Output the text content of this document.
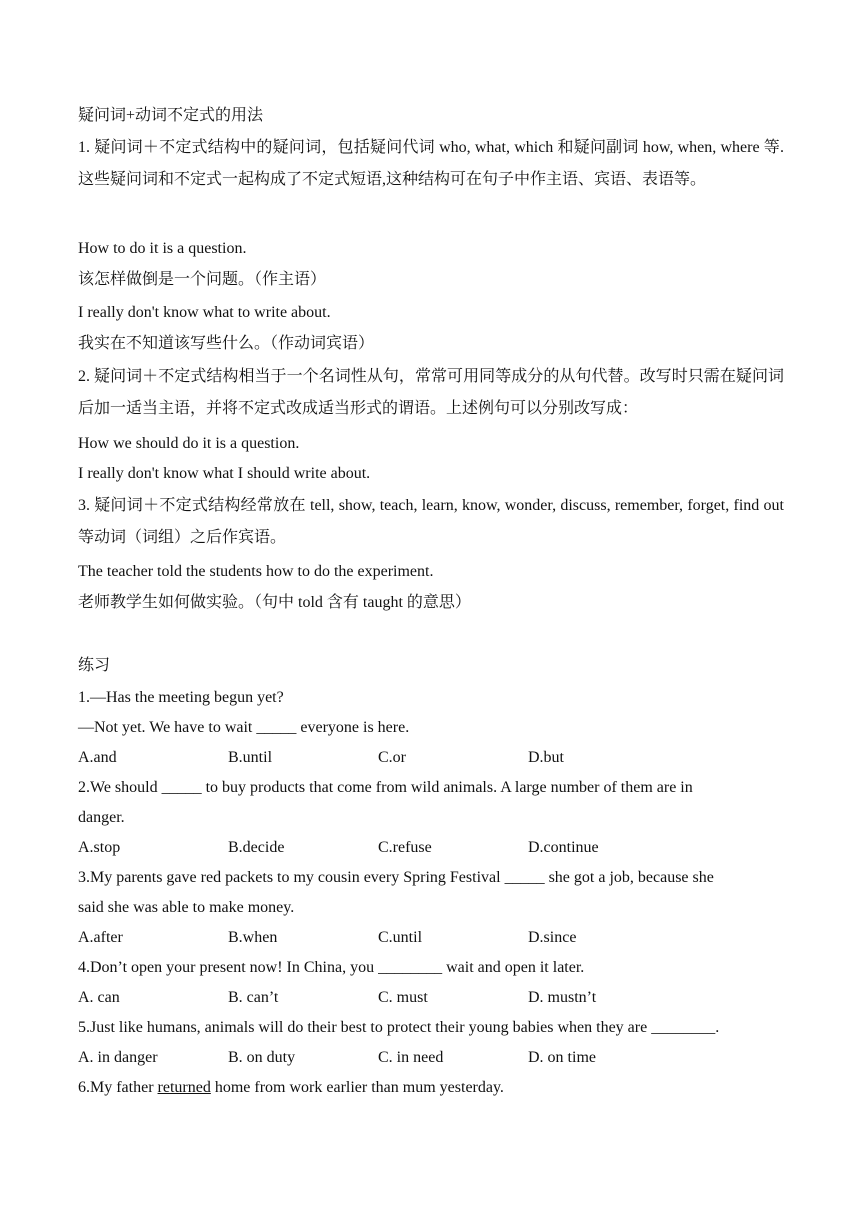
疑问词+动词不定式的用法
1. 疑问词＋不定式结构中的疑问词，包括疑问代词 who, what, which 和疑问副词 how, when, where 等.这些疑问词和不定式一起构成了不定式短语,这种结构可在句子中作主语、宾语、表语等。
How to do it is a question.
该怎样做倒是一个问题。（作主语）
I really don't know what to write about.
我实在不知道该写些什么。（作动词宾语）
2. 疑问词＋不定式结构相当于一个名词性从句，常常可用同等成分的从句代替。改写时只需在疑问词后加一适当主语，并将不定式改成适当形式的谓语。上述例句可以分别改写成：
How we should do it is a question.
I really don't know what I should write about.
3. 疑问词＋不定式结构经常放在 tell, show, teach, learn, know, wonder, discuss, remember, forget, find out 等动词（词组）之后作宾语。
The teacher told the students how to do the experiment.
老师教学生如何做实验。（句中 told 含有 taught 的意思）
练习
1.—Has the meeting begun yet?
—Not yet. We have to wait _____ everyone is here.
A.and	B.until	C.or	D.but
2.We should _____ to buy products that come from wild animals. A large number of them are in
danger.
A.stop	B.decide	C.refuse	D.continue
3.My parents gave red packets to my cousin every Spring Festival _____ she got a job, because she
said she was able to make money.
A.after	B.when	C.until	D.since
4.Don’t open your present now! In China, you ________ wait and open it later.
A. can	B. can’t	C. must	D. mustn’t
5.Just like humans, animals will do their best to protect their young babies when they are ________.
A. in danger	B. on duty	C. in need	D. on time
6.My father returned home from work earlier than mum yesterday.
